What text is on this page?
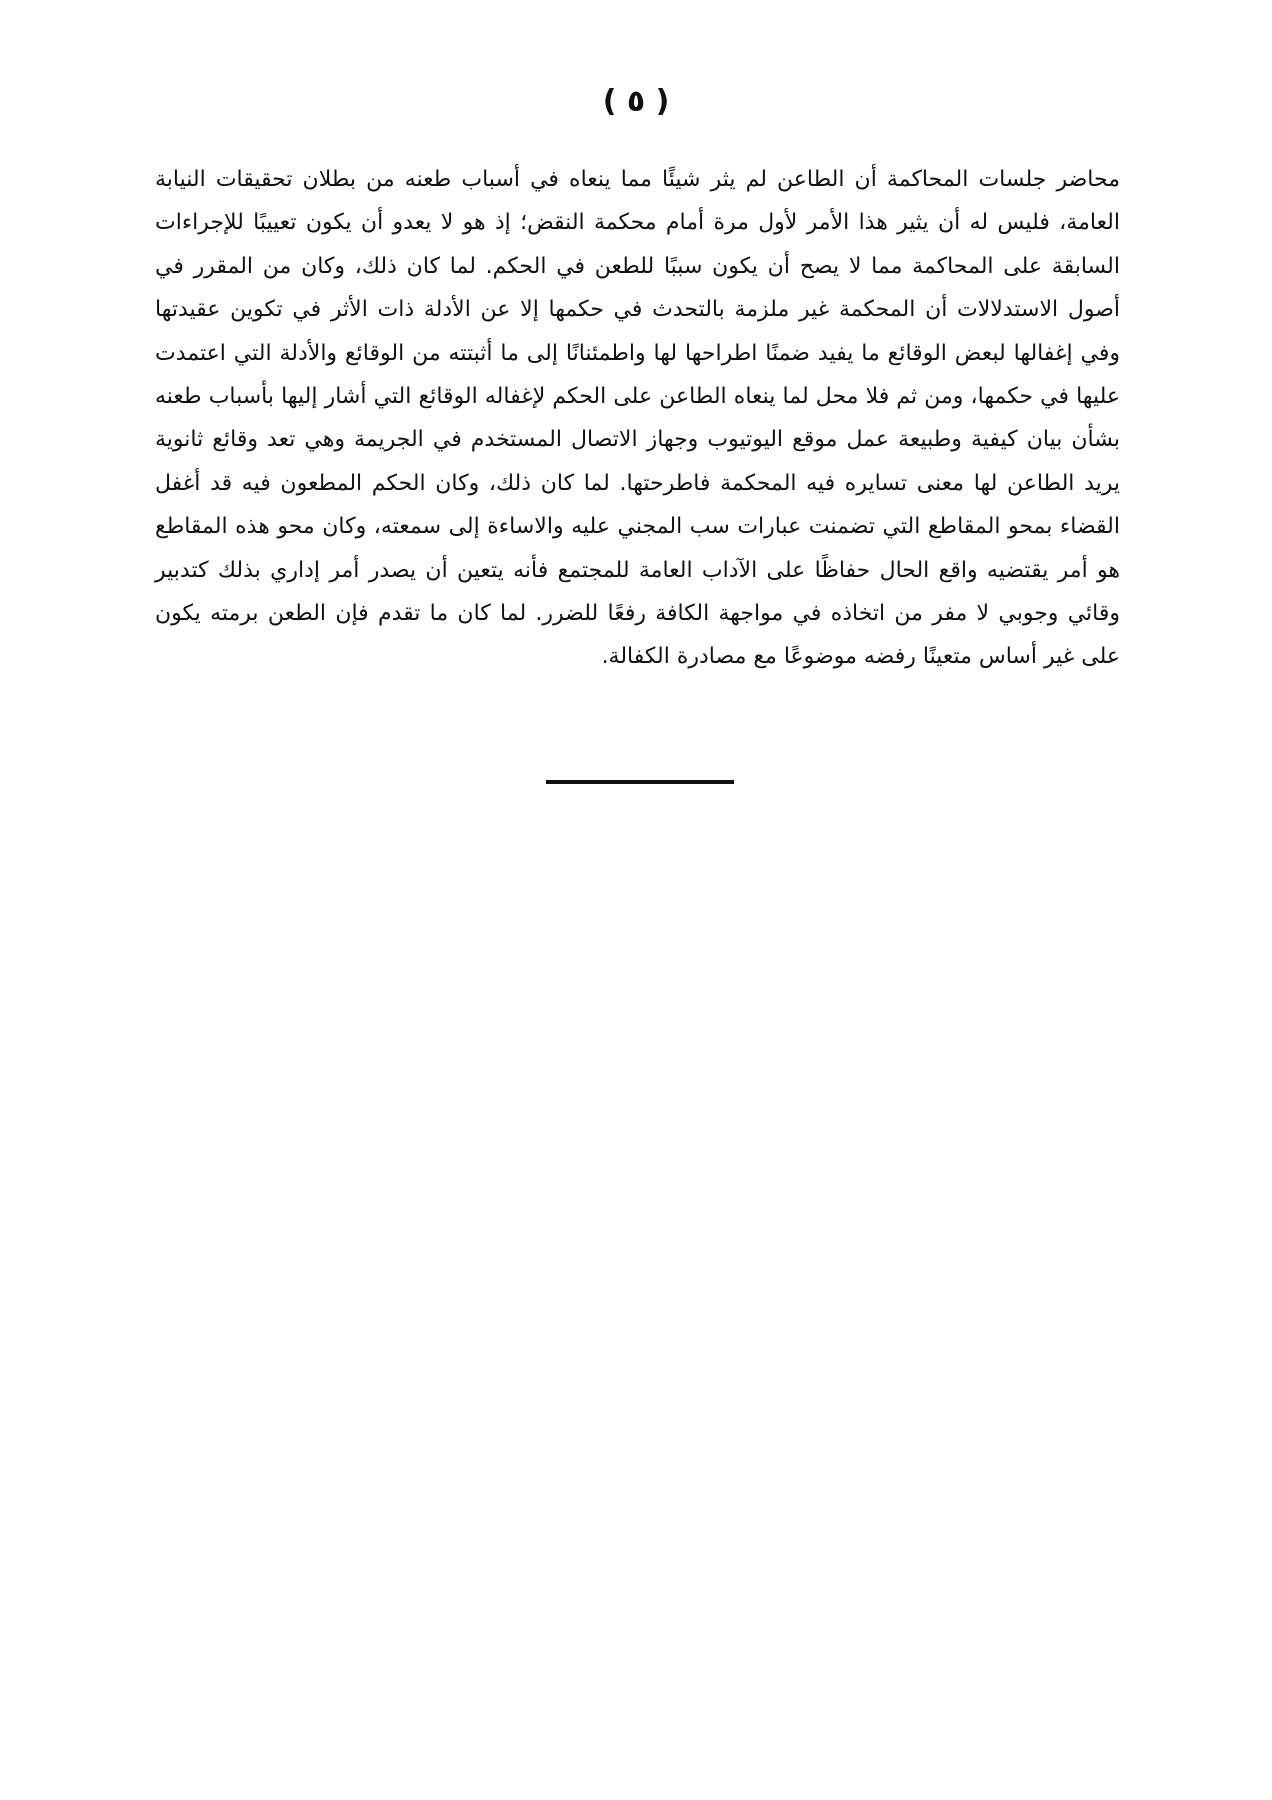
( ٥ )
محاضر جلسات المحاكمة أن الطاعن لم يثر شيئًا مما ينعاه في أسباب طعنه من بطلان تحقيقات النيابة العامة، فليس له أن يثير هذا الأمر لأول مرة أمام محكمة النقض؛ إذ هو لا يعدو أن يكون تعييبًا للإجراءات السابقة على المحاكمة مما لا يصح أن يكون سببًا للطعن في الحكم. لما كان ذلك، وكان من المقرر في أصول الاستدلالات أن المحكمة غير ملزمة بالتحدث في حكمها إلا عن الأدلة ذات الأثر في تكوين عقيدتها وفي إغفالها لبعض الوقائع ما يفيد ضمنًا اطراحها لها واطمئنانًا إلى ما أثبتته من الوقائع والأدلة التي اعتمدت عليها في حكمها، ومن ثم فلا محل لما ينعاه الطاعن على الحكم لإغفاله الوقائع التي أشار إليها بأسباب طعنه بشأن بيان كيفية وطبيعة عمل موقع اليوتيوب وجهاز الاتصال المستخدم في الجريمة وهي تعد وقائع ثانوية يريد الطاعن لها معنى تسايره فيه المحكمة فاطرحتها. لما كان ذلك، وكان الحكم المطعون فيه قد أغفل القضاء بمحو المقاطع التي تضمنت عبارات سب المجني عليه والاساءة إلى سمعته، وكان محو هذه المقاطع هو أمر يقتضيه واقع الحال حفاظًا على الآداب العامة للمجتمع فأنه يتعين أن يصدر أمر إداري بذلك كتدبير وقائي وجوبي لا مفر من اتخاذه في مواجهة الكافة رفعًا للضرر. لما كان ما تقدم فإن الطعن برمته يكون على غير أساس متعينًا رفضه موضوعًا مع مصادرة الكفالة.
